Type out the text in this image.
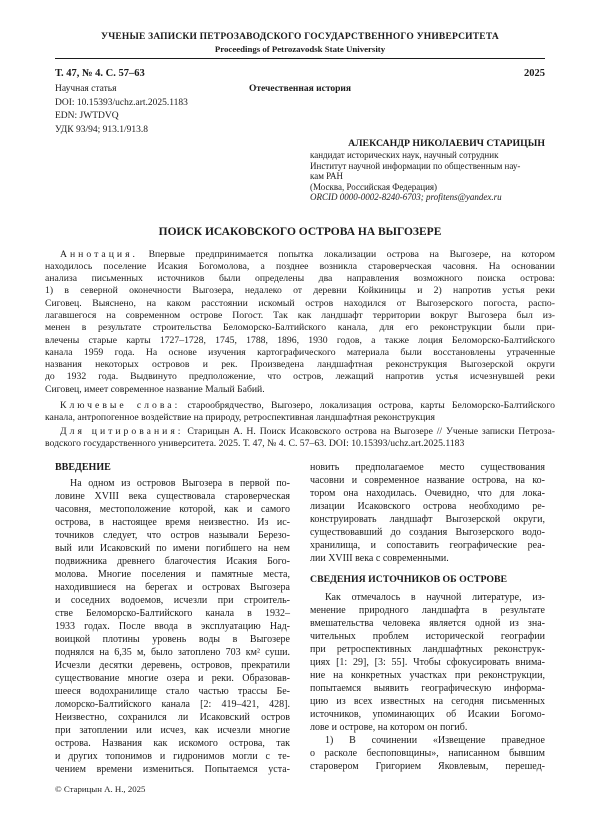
УЧЕНЫЕ ЗАПИСКИ ПЕТРОЗАВОДСКОГО ГОСУДАРСТВЕННОГО УНИВЕРСИТЕТА
Proceedings of Petrozavodsk State University
Т. 47, № 4. С. 57–63	2025
Научная статья	Отечественная история
DOI: 10.15393/uchz.art.2025.1183
EDN: JWTDVQ
УДК 93/94; 913.1/913.8
АЛЕКСАНДР НИКОЛАЕВИЧ СТАРИЦЫН
кандидат исторических наук, научный сотрудник
Институт научной информации по общественным нау-
кам РАН
(Москва, Российская Федерация)
ORCID 0000-0002-8240-6703; profitens@yandex.ru
ПОИСК ИСАКОВСКОГО ОСТРОВА НА ВЫГОЗЕРЕ
Аннотация. Впервые предпринимается попытка локализации острова на Выгозере, на котором
находилось поселение Исакия Богомолова, а позднее возникла староверческая часовня. На основании
анализа письменных источников были определены два направления возможного поиска острова:
1) в северной оконечности Выгозера, недалеко от деревни Койкиницы и 2) напротив устья реки
Сиговец. Выяснено, на каком расстоянии искомый остров находился от Выгозерского погоста, распо-
лагавшегося на современном острове Погост. Так как ландшафт территории вокруг Выгозера был из-
менен в результате строительства Беломорско-Балтийского канала, для его реконструкции были при-
влечены старые карты 1727–1728, 1745, 1788, 1896, 1930 годов, а также лоция Беломорско-Балтийского
канала 1959 года. На основе изучения картографического материала были восстановлены утраченные
названия некоторых островов и рек. Произведена ландшафтная реконструкция Выгозерской округи
до 1932 года. Выдвинуто предположение, что остров, лежащий напротив устья исчезнувшей реки
Сиговец, имеет современное название Малый Бабий.
Ключевые слова: старообрядчество, Выгозеро, локализация острова, карты Беломорско-Балтийского
канала, антропогенное воздействие на природу, ретроспективная ландшафтная реконструкция
Для цитирования: Старицын А. Н. Поиск Исаковского острова на Выгозере // Ученые записки Петроза-
водского государственного университета. 2025. Т. 47, № 4. С. 57–63. DOI: 10.15393/uchz.art.2025.1183
ВВЕДЕНИЕ
На одном из островов Выгозера в первой по-
ловине XVIII века существовала староверческая
часовня, местоположение которой, как и самого
острова, в настоящее время неизвестно. Из ис-
точников следует, что остров называли Березо-
вый или Исаковский по имени погибшего на нем
подвижника древнего благочестия Исакия Бого-
молова. Многие поселения и памятные места,
находившиеся на берегах и островах Выгозера
и соседних водоемов, исчезли при строитель-
стве Беломорско-Балтийского канала в 1932–
1933 годах. После ввода в эксплуатацию Над-
воицкой плотины уровень воды в Выгозере
поднялся на 6,35 м, было затоплено 703 км² суши.
Исчезли десятки деревень, островов, прекратили
существование многие озера и реки. Образовав-
шееся водохранилище стало частью трассы Бе-
ломорско-Балтийского канала [2: 419–421, 428].
Неизвестно, сохранился ли Исаковский остров
при затоплении или исчез, как исчезли многие
острова. Названия как искомого острова, так
и других топонимов и гидронимов могли с те-
чением времени измениться. Попытаемся уста-
© Старицын А. Н., 2025
новить предполагаемое место существования
часовни и современное название острова, на ко-
тором она находилась. Очевидно, что для лока-
лизации Исаковского острова необходимо ре-
конструировать ландшафт Выгозерской округи,
существовавший до создания Выгозерского водо-
хранилища, и сопоставить географические реа-
лии XVIII века с современными.
СВЕДЕНИЯ ИСТОЧНИКОВ ОБ ОСТРОВЕ
Как отмечалось в научной литературе, из-
менение природного ландшафта в результате
вмешательства человека является одной из зна-
чительных проблем исторической географии
при ретроспективных ландшафтных реконструк-
циях [1: 29], [3: 55]. Чтобы сфокусировать внима-
ние на конкретных участках при реконструкции,
попытаемся выявить географическую информа-
цию из всех известных на сегодня письменных
источников, упоминающих об Исакии Богомо-
лове и острове, на котором он погиб.
1) В сочинении «Извещение праведное
о расколе беспоповщины», написанном бывшим
старовером Григорием Яковлевым, перешед-
